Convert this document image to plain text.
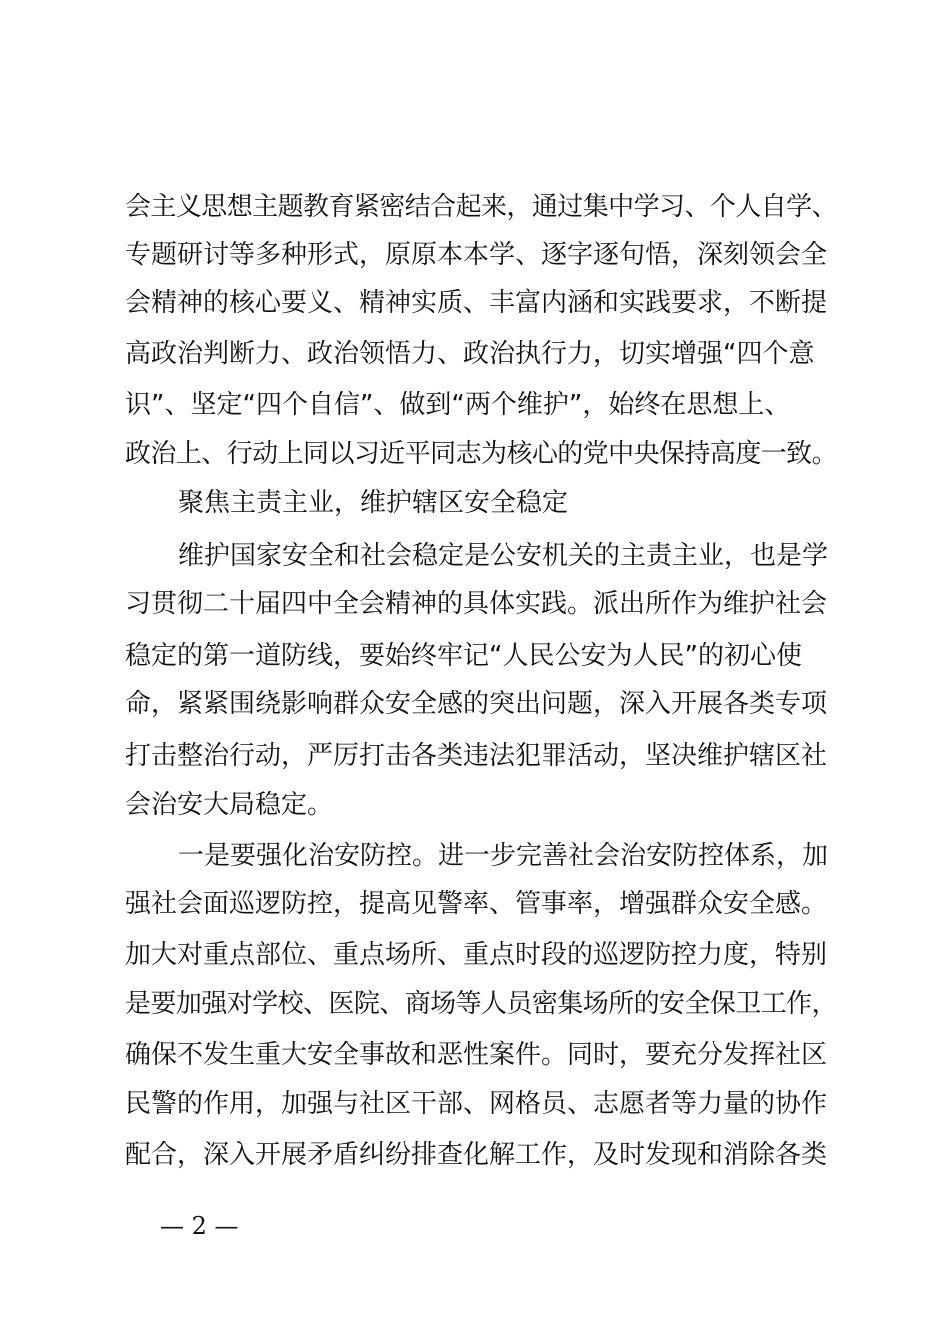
会主义思想主题教育紧密结合起来，通过集中学习、个人自学、
专题研讨等多种形式，原原本本学、逐字逐句悟，深刻领会全
会精神的核心要义、精神实质、丰富内涵和实践要求，不断提
高政治判断力、政治领悟力、政治执行力，切实增强“四个意
识”、坚定“四个自信”、做到“两个维护”，始终在思想上、
政治上、行动上同以习近平同志为核心的党中央保持高度一致。
聚焦主责主业，维护辖区安全稳定
维护国家安全和社会稳定是公安机关的主责主业，也是学
习贯彻二十届四中全会精神的具体实践。派出所作为维护社会
稳定的第一道防线，要始终牢记“人民公安为人民”的初心使
命，紧紧围绕影响群众安全感的突出问题，深入开展各类专项
打击整治行动，严厉打击各类违法犯罪活动，坚决维护辖区社
会治安大局稳定。
一是要强化治安防控。进一步完善社会治安防控体系，加
强社会面巡逻防控，提高见警率、管事率，增强群众安全感。
加大对重点部位、重点场所、重点时段的巡逻防控力度，特别
是要加强对学校、医院、商场等人员密集场所的安全保卫工作，
确保不发生重大安全事故和恶性案件。同时，要充分发挥社区
民警的作用，加强与社区干部、网格员、志愿者等力量的协作
配合，深入开展矛盾纠纷排查化解工作，及时发现和消除各类
— 2 —
